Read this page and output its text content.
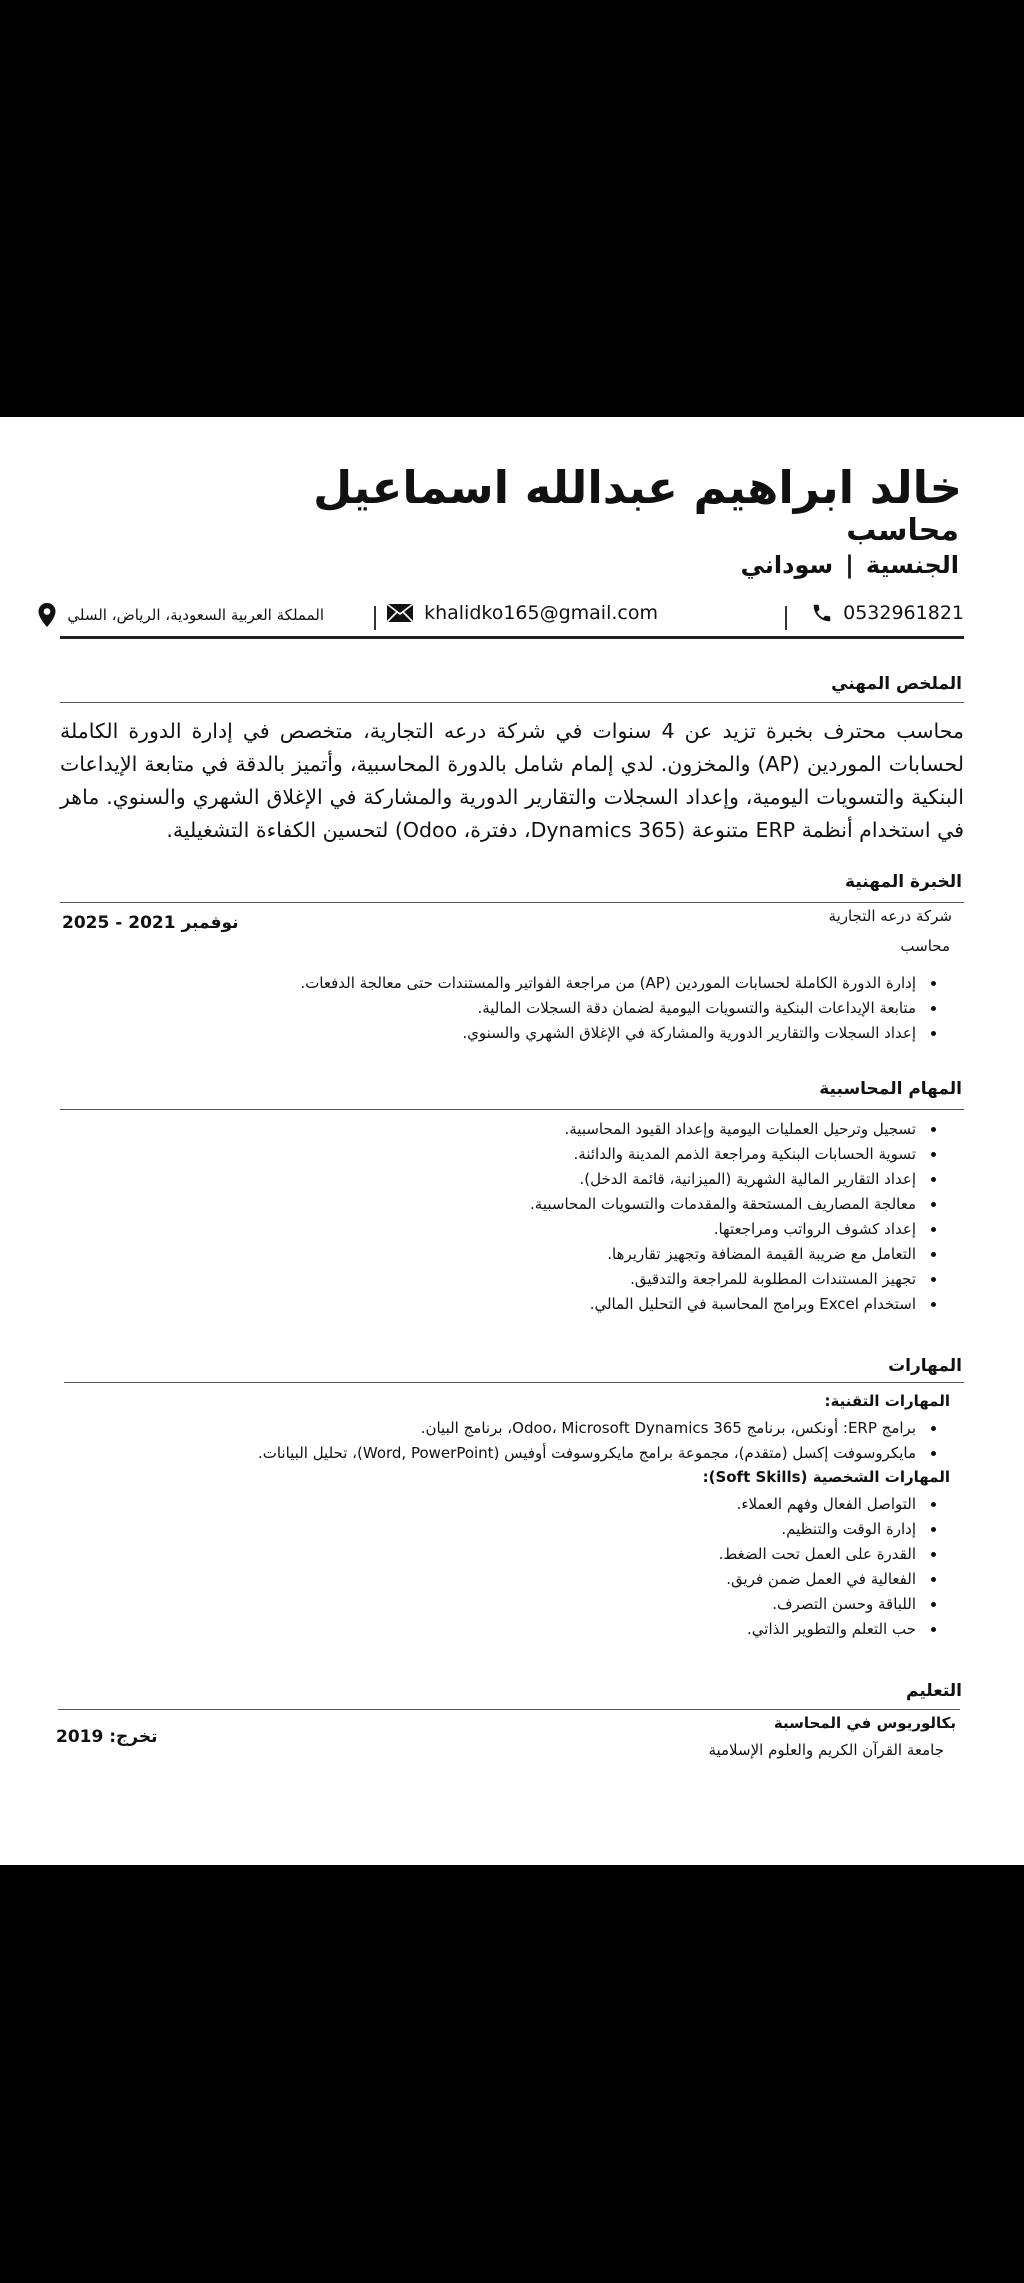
خالد ابراهيم عبدالله اسماعيل
محاسب
الجنسية
|
سوداني
0532961821
khalidko165@gmail.com
المملكة العربية السعودية، الرياض، السلي
الملخص المهني
محاسب محترف بخبرة تزيد عن 4 سنوات في شركة درعه التجارية، متخصص في إدارة الدورة الكاملة لحسابات الموردين (AP) والمخزون. لدي إلمام شامل بالدورة المحاسبية، وأتميز بالدقة في متابعة الإيداعات البنكية والتسويات اليومية، وإعداد السجلات والتقارير الدورية والمشاركة في الإغلاق الشهري والسنوي. ماهر في استخدام أنظمة ERP متنوعة (Dynamics 365، دفترة، Odoo) لتحسين الكفاءة التشغيلية.
الخبرة المهنية
شركة درعه التجارية
نوفمبر 2021 - 2025
محاسب
• إدارة الدورة الكاملة لحسابات الموردين (AP) من مراجعة الفواتير والمستندات حتى معالجة الدفعات.
• متابعة الإيداعات البنكية والتسويات اليومية لضمان دقة السجلات المالية.
• إعداد السجلات والتقارير الدورية والمشاركة في الإغلاق الشهري والسنوي.
المهام المحاسبية
• تسجيل وترحيل العمليات اليومية وإعداد القيود المحاسبية.
• تسوية الحسابات البنكية ومراجعة الذمم المدينة والدائنة.
• إعداد التقارير المالية الشهرية (الميزانية، قائمة الدخل).
• معالجة المصاريف المستحقة والمقدمات والتسويات المحاسبية.
• إعداد كشوف الرواتب ومراجعتها.
• التعامل مع ضريبة القيمة المضافة وتجهيز تقاريرها.
• تجهيز المستندات المطلوبة للمراجعة والتدقيق.
• استخدام Excel وبرامج المحاسبة في التحليل المالي.
المهارات
المهارات التقنية:
• برامج ERP: أونكس، برنامج Odoo، Microsoft Dynamics 365، برنامج البيان.
• مايكروسوفت إكسل (متقدم)، مجموعة برامج مايكروسوفت أوفيس (Word, PowerPoint)، تحليل البيانات.
المهارات الشخصية (Soft Skills):
• التواصل الفعال وفهم العملاء.
• إدارة الوقت والتنظيم.
• القدرة على العمل تحت الضغط.
• الفعالية في العمل ضمن فريق.
• اللباقة وحسن التصرف.
• حب التعلم والتطوير الذاتي.
التعليم
بكالوريوس في المحاسبة
جامعة القرآن الكريم والعلوم الإسلامية
تخرج: 2019
